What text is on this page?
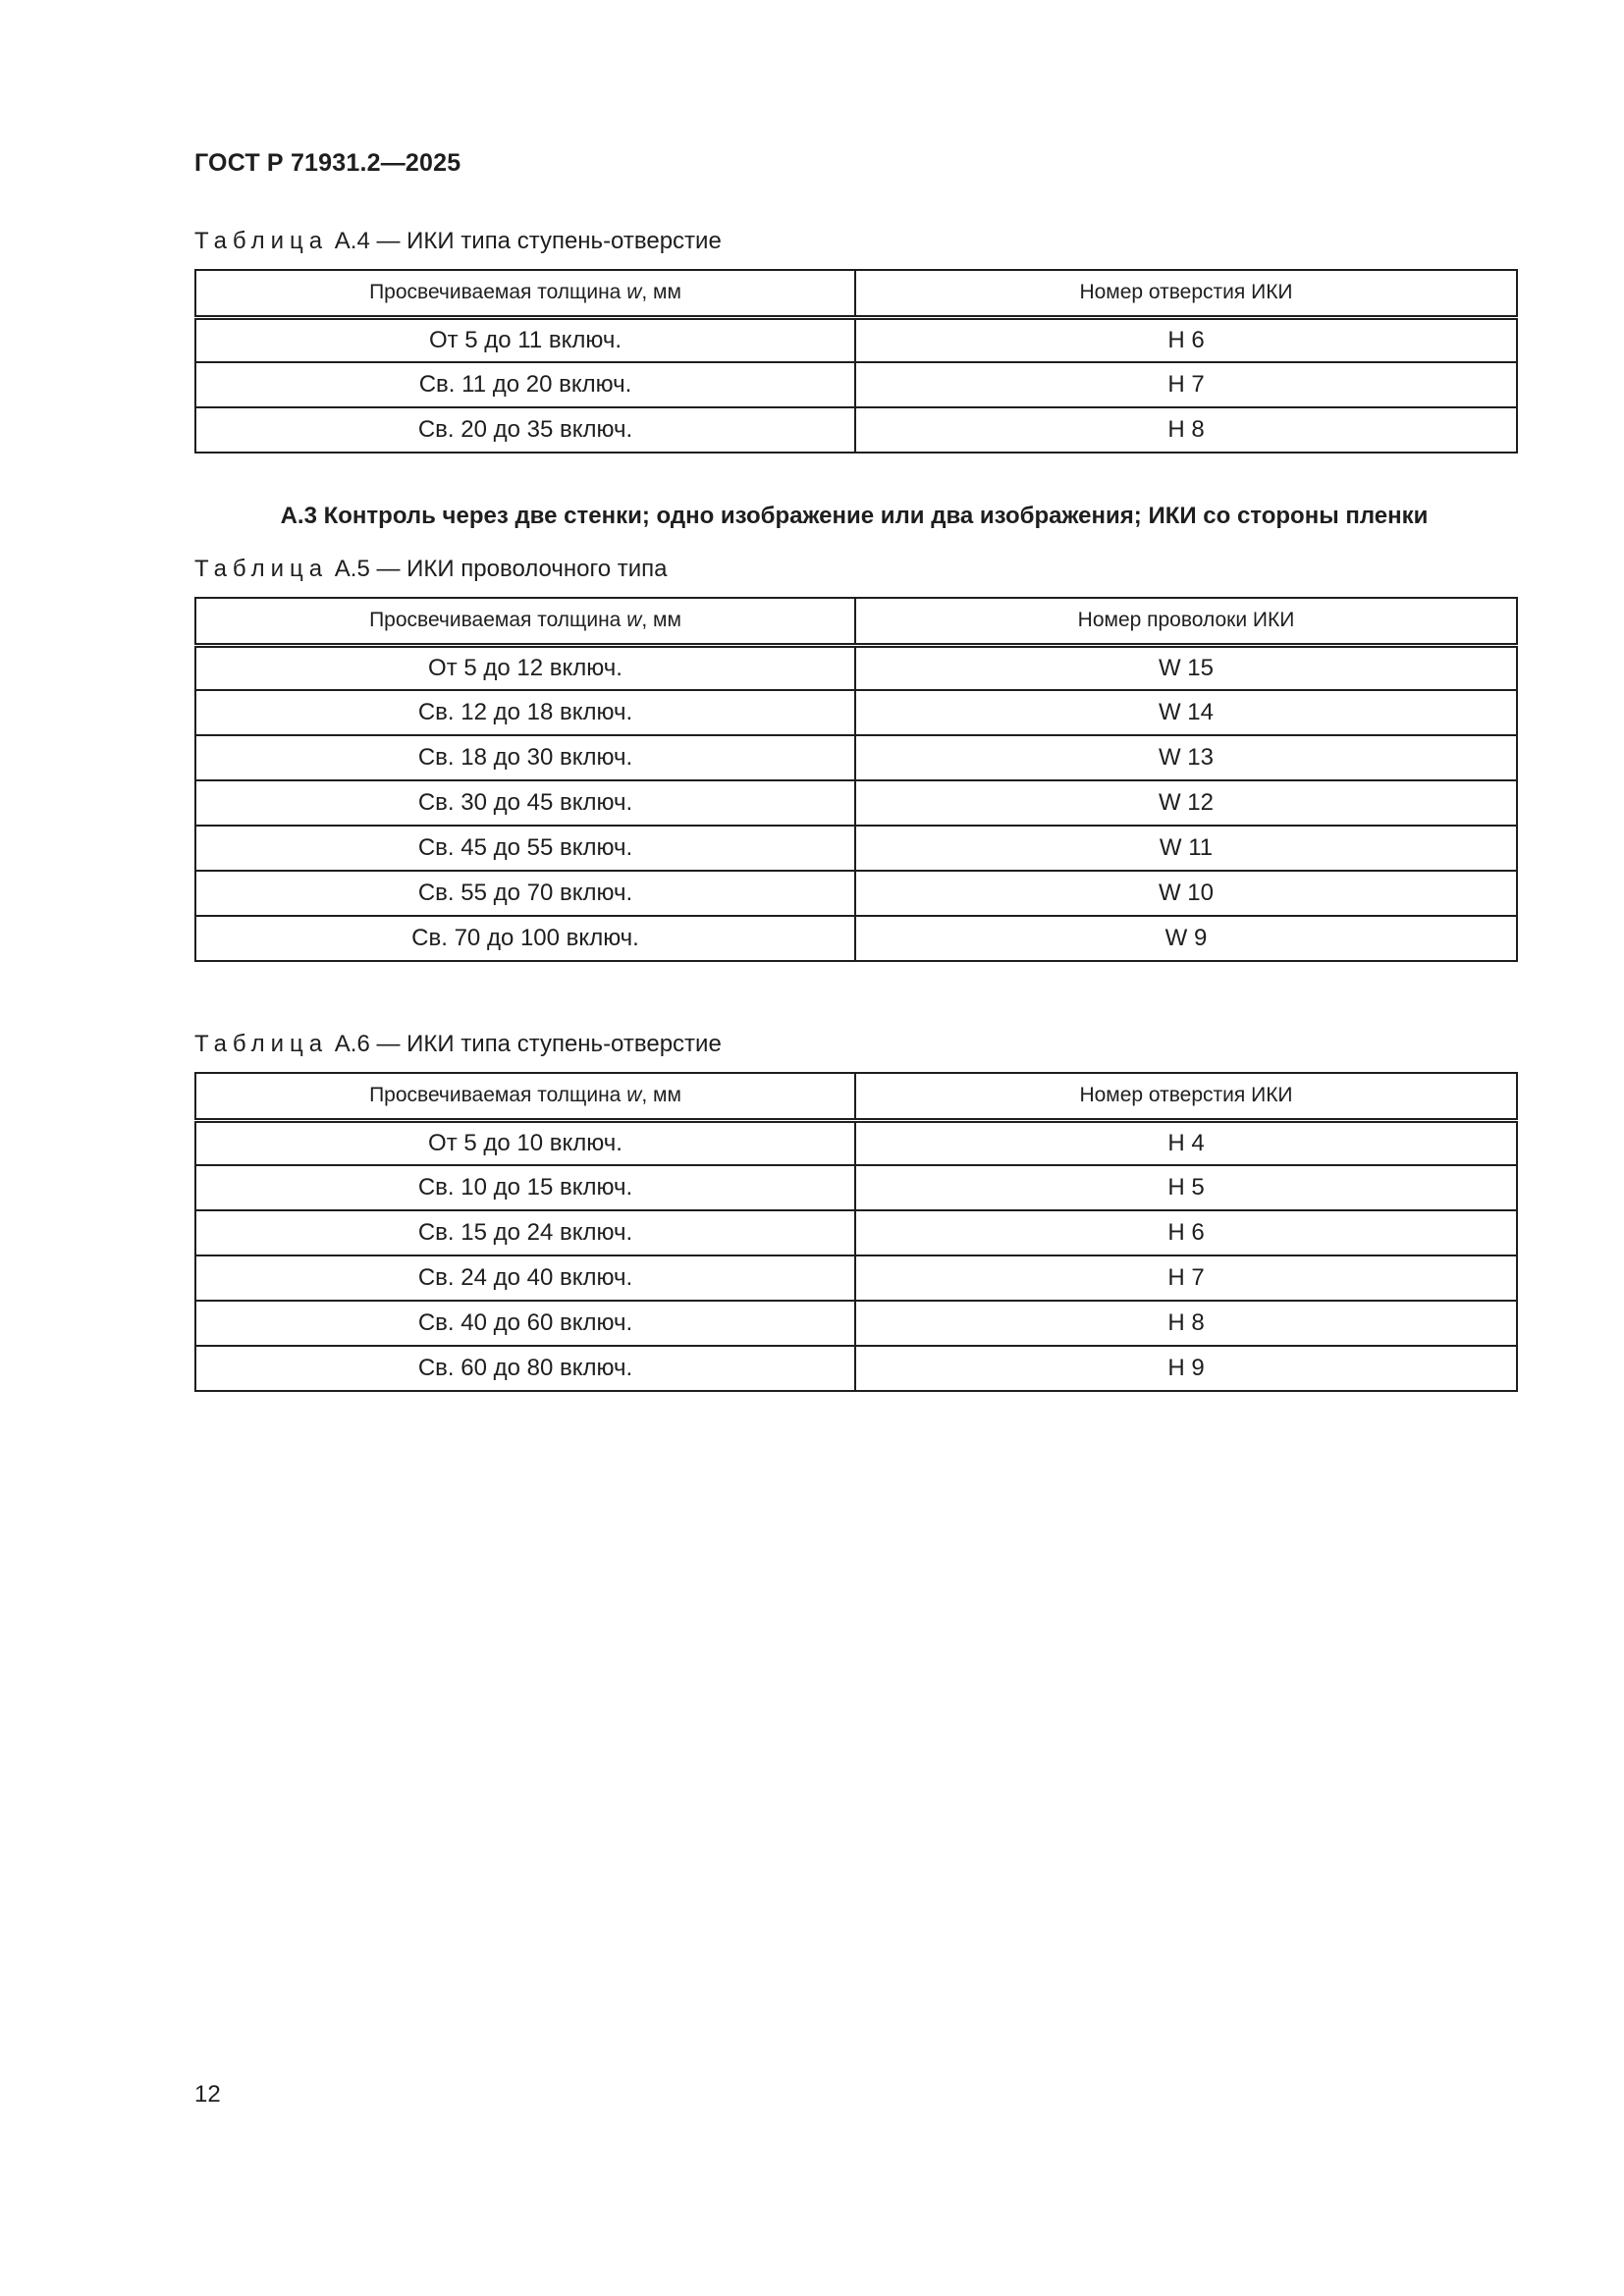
ГОСТ Р 71931.2—2025
Таблица А.4 — ИКИ типа ступень-отверстие
Просвечиваемая толщина w, мм	Номер отверстия ИКИ
От 5 до 11 включ.	H 6
Св. 11 до 20 включ.	H 7
Св. 20 до 35 включ.	H 8
А.3 Контроль через две стенки; одно изображение или два изображения; ИКИ со стороны пленки
Таблица А.5 — ИКИ проволочного типа
Просвечиваемая толщина w, мм	Номер проволоки ИКИ
От 5 до 12 включ.	W 15
Св. 12 до 18 включ.	W 14
Св. 18 до 30 включ.	W 13
Св. 30 до 45 включ.	W 12
Св. 45 до 55 включ.	W 11
Св. 55 до 70 включ.	W 10
Св. 70 до 100 включ.	W 9
Таблица А.6 — ИКИ типа ступень-отверстие
Просвечиваемая толщина w, мм	Номер отверстия ИКИ
От 5 до 10 включ.	H 4
Св. 10 до 15 включ.	H 5
Св. 15 до 24 включ.	H 6
Св. 24 до 40 включ.	H 7
Св. 40 до 60 включ.	H 8
Св. 60 до 80 включ.	H 9
12
